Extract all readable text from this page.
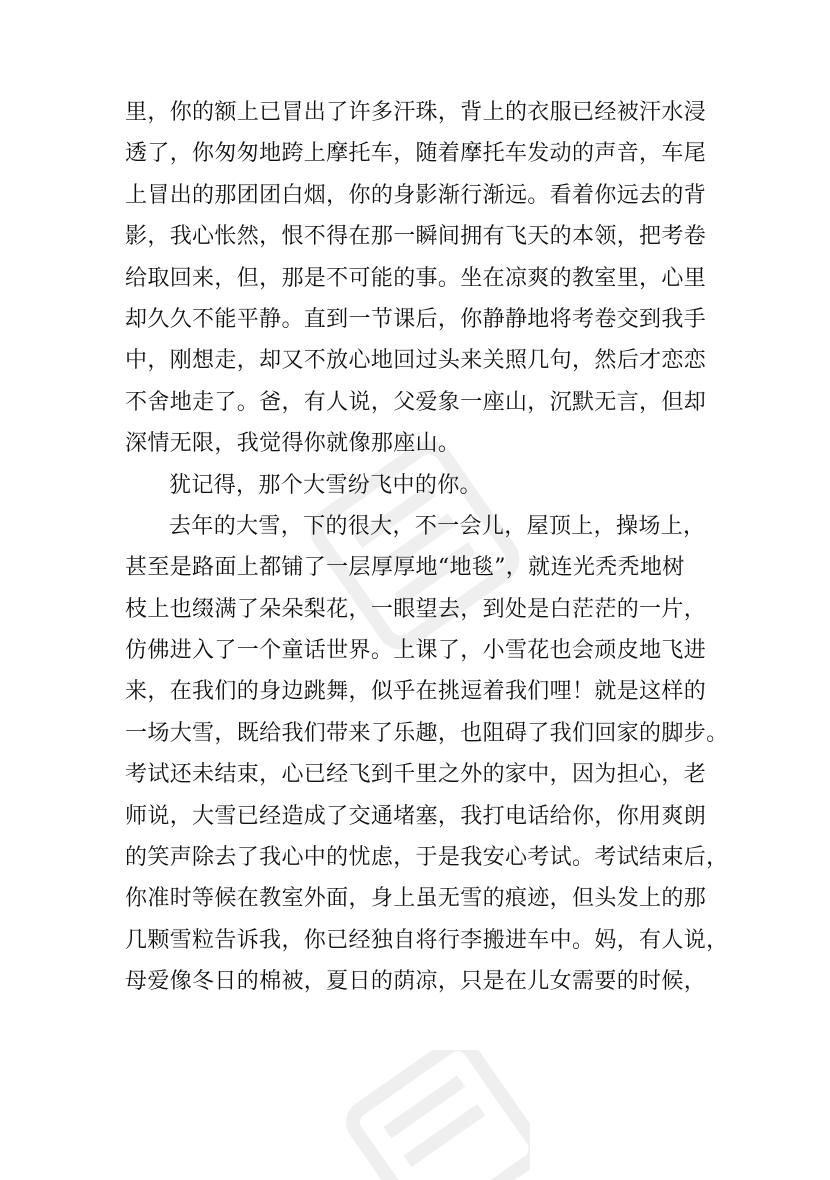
里，你的额上已冒出了许多汗珠，背上的衣服已经被汗水浸
透了，你匆匆地跨上摩托车，随着摩托车发动的声音，车尾
上冒出的那团团白烟，你的身影渐行渐远。看着你远去的背
影，我心怅然，恨不得在那一瞬间拥有飞天的本领，把考卷
给取回来，但，那是不可能的事。坐在凉爽的教室里，心里
却久久不能平静。直到一节课后，你静静地将考卷交到我手
中，刚想走，却又不放心地回过头来关照几句，然后才恋恋
不舍地走了。爸，有人说，父爱象一座山，沉默无言，但却
深情无限，我觉得你就像那座山。
犹记得，那个大雪纷飞中的你。
去年的大雪，下的很大，不一会儿，屋顶上，操场上，
甚至是路面上都铺了一层厚厚地“地毯”，就连光秃秃地树
枝上也缀满了朵朵梨花，一眼望去，到处是白茫茫的一片，
仿佛进入了一个童话世界。上课了，小雪花也会顽皮地飞进
来，在我们的身边跳舞，似乎在挑逗着我们哩！就是这样的
一场大雪，既给我们带来了乐趣，也阻碍了我们回家的脚步。
考试还未结束，心已经飞到千里之外的家中，因为担心，老
师说，大雪已经造成了交通堵塞，我打电话给你，你用爽朗
的笑声除去了我心中的忧虑，于是我安心考试。考试结束后，
你准时等候在教室外面，身上虽无雪的痕迹，但头发上的那
几颗雪粒告诉我，你已经独自将行李搬进车中。妈，有人说，
母爱像冬日的棉被，夏日的荫凉，只是在儿女需要的时候，
